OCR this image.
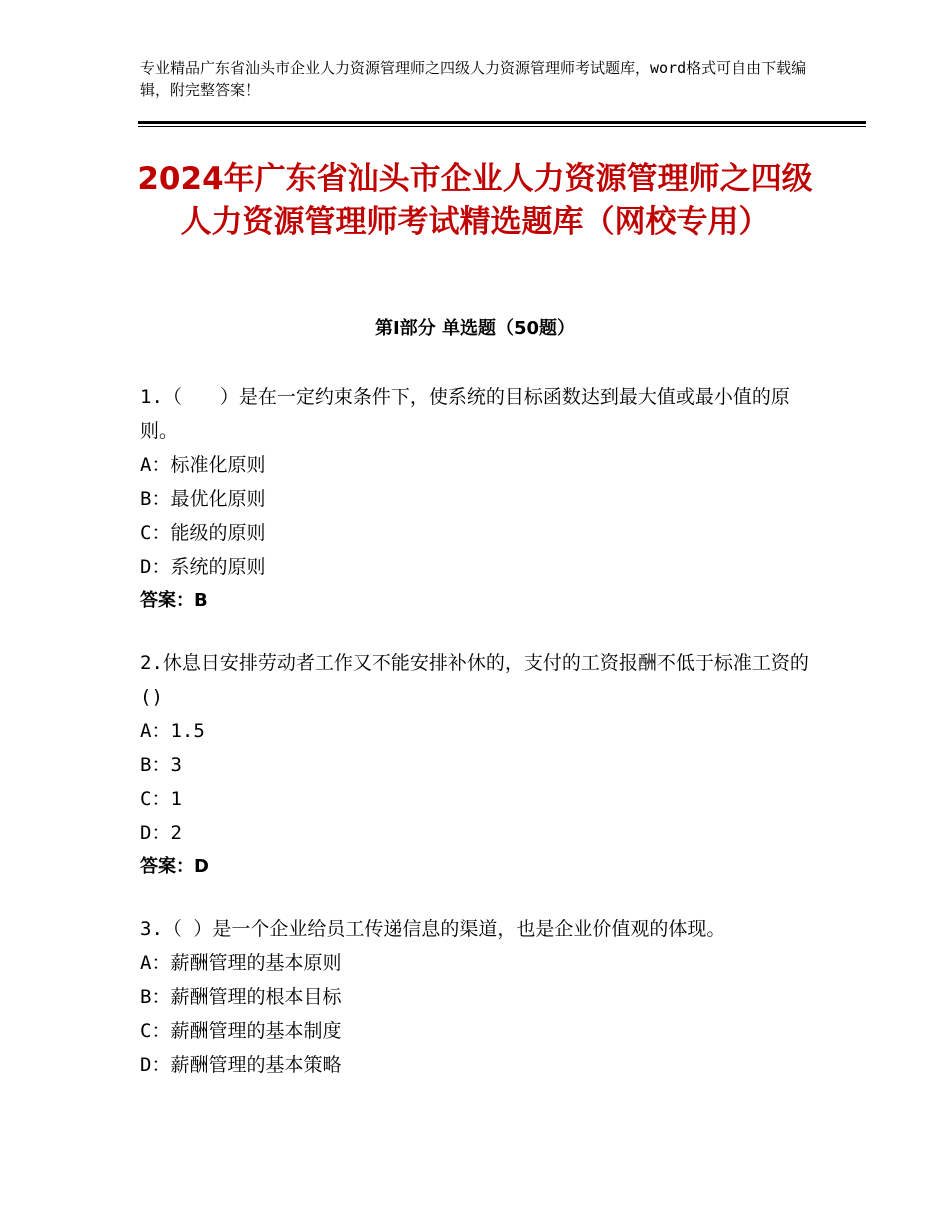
专业精品广东省汕头市企业人力资源管理师之四级人力资源管理师考试题库，word格式可自由下载编辑，附完整答案！
2024年广东省汕头市企业人力资源管理师之四级人力资源管理师考试精选题库（网校专用）
第Ⅰ部分 单选题（50题）

1.（　　）是在一定约束条件下，使系统的目标函数达到最大值或最小值的原则。

A：标准化原则

B：最优化原则

C：能级的原则

D：系统的原则

答案：B

2.休息日安排劳动者工作又不能安排补休的，支付的工资报酬不低于标准工资的()

A：1.5

B：3

C：1

D：2

答案：D

3.（ ）是一个企业给员工传递信息的渠道，也是企业价值观的体现。

A：薪酬管理的基本原则

B：薪酬管理的根本目标

C：薪酬管理的基本制度

D：薪酬管理的基本策略
